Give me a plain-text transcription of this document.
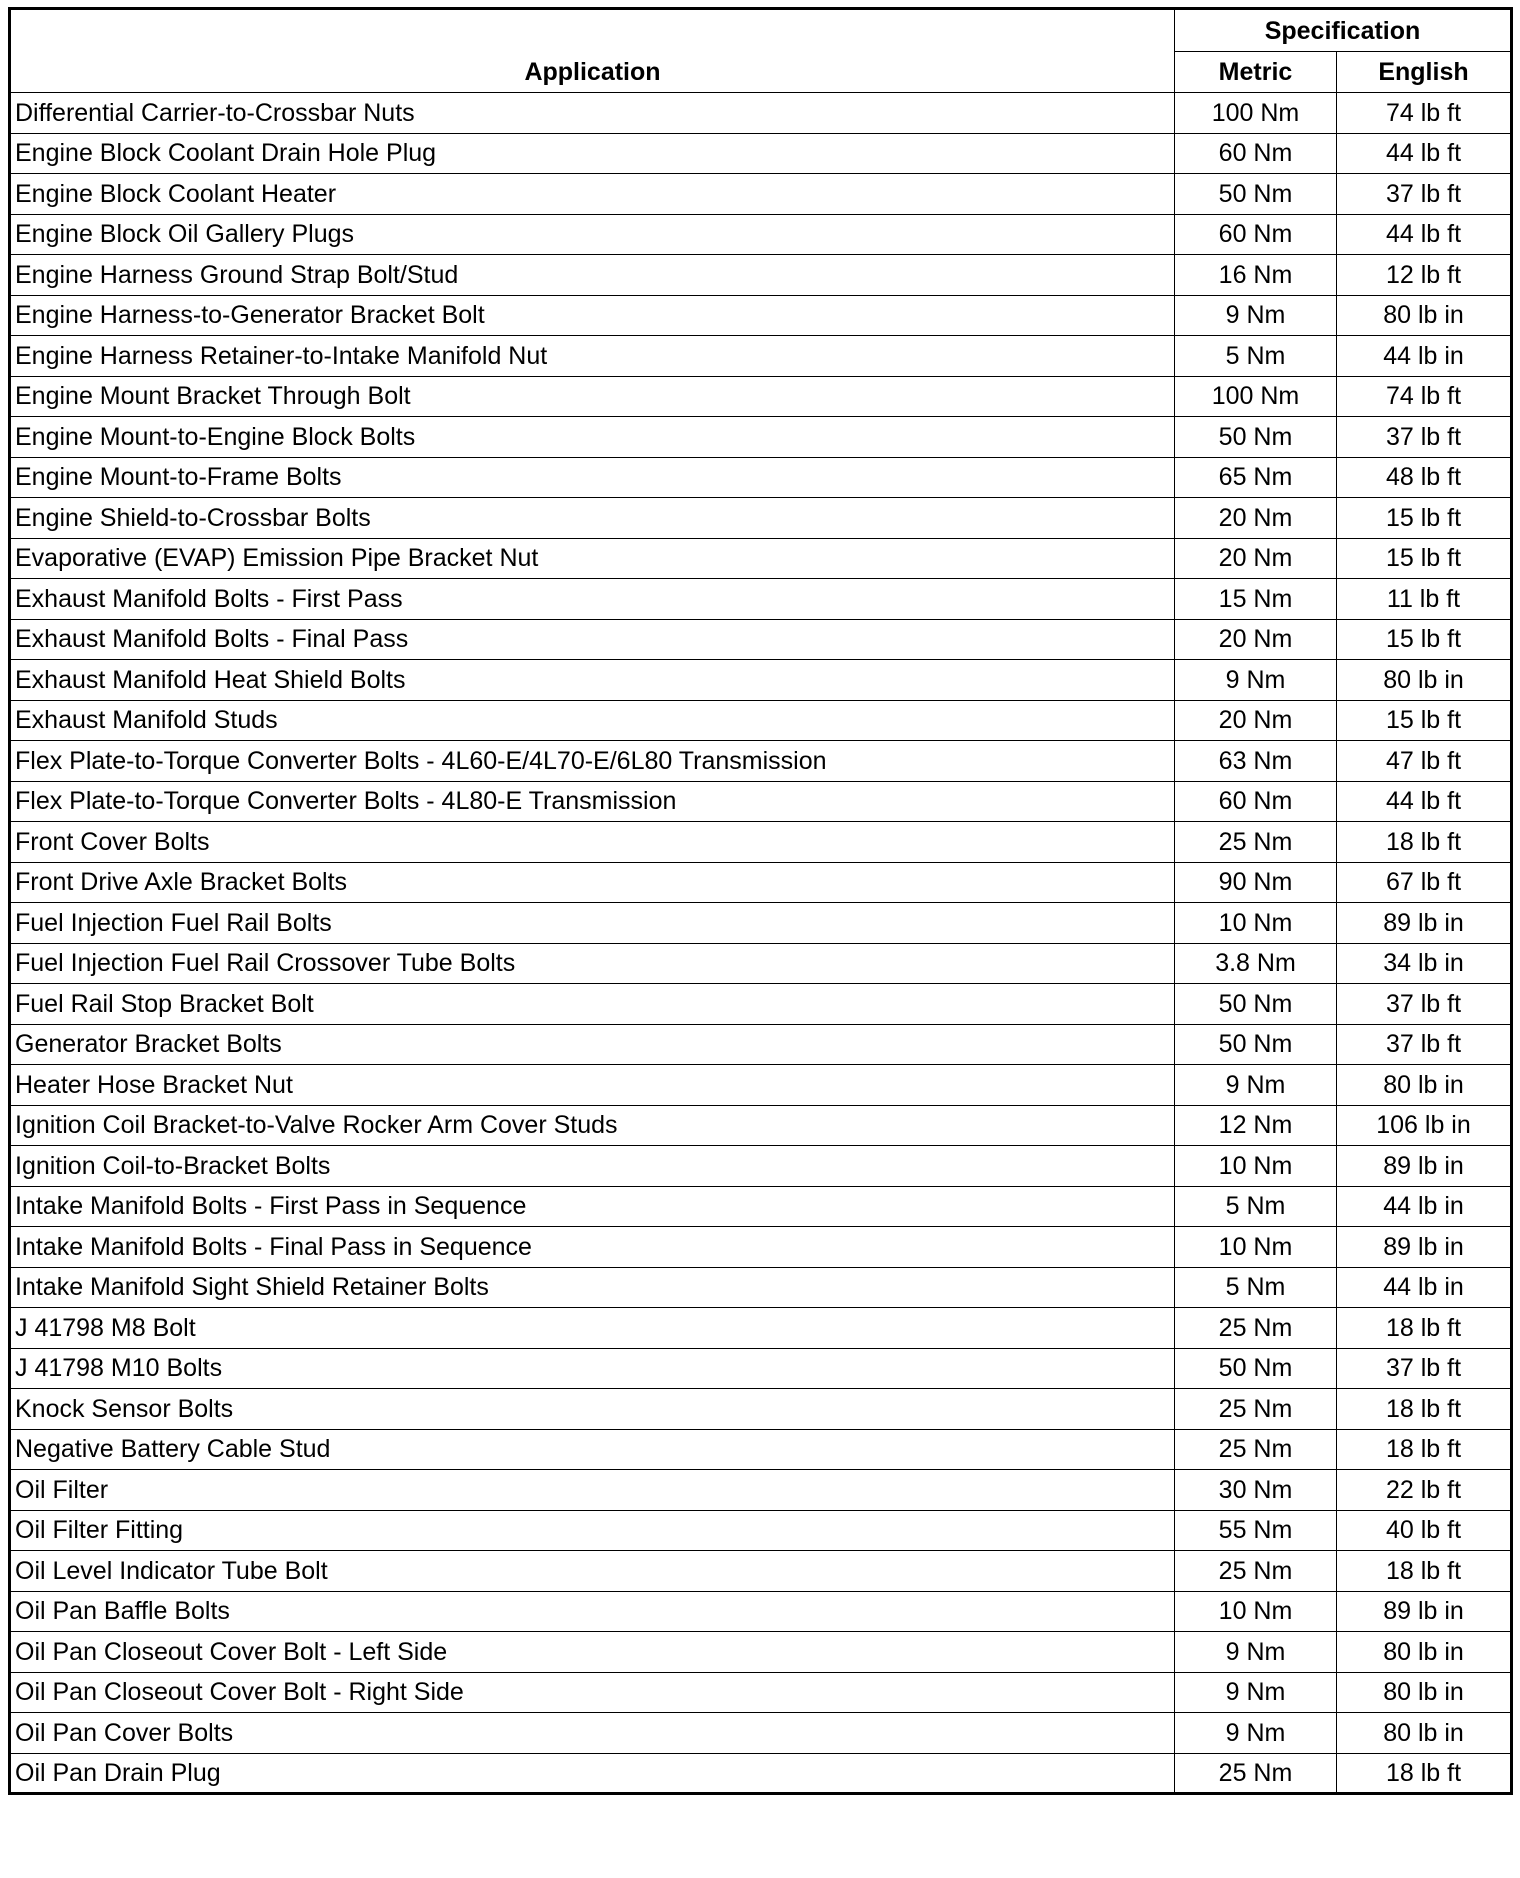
Application	Specification	
	Metric	English
Differential Carrier-to-Crossbar Nuts	100 Nm	74 lb ft
Engine Block Coolant Drain Hole Plug	60 Nm	44 lb ft
Engine Block Coolant Heater	50 Nm	37 lb ft
Engine Block Oil Gallery Plugs	60 Nm	44 lb ft
Engine Harness Ground Strap Bolt/Stud	16 Nm	12 lb ft
Engine Harness-to-Generator Bracket Bolt	9 Nm	80 lb in
Engine Harness Retainer-to-Intake Manifold Nut	5 Nm	44 lb in
Engine Mount Bracket Through Bolt	100 Nm	74 lb ft
Engine Mount-to-Engine Block Bolts	50 Nm	37 lb ft
Engine Mount-to-Frame Bolts	65 Nm	48 lb ft
Engine Shield-to-Crossbar Bolts	20 Nm	15 lb ft
Evaporative (EVAP) Emission Pipe Bracket Nut	20 Nm	15 lb ft
Exhaust Manifold Bolts - First Pass	15 Nm	11 lb ft
Exhaust Manifold Bolts - Final Pass	20 Nm	15 lb ft
Exhaust Manifold Heat Shield Bolts	9 Nm	80 lb in
Exhaust Manifold Studs	20 Nm	15 lb ft
Flex Plate-to-Torque Converter Bolts - 4L60-E/4L70-E/6L80 Transmission	63 Nm	47 lb ft
Flex Plate-to-Torque Converter Bolts - 4L80-E Transmission	60 Nm	44 lb ft
Front Cover Bolts	25 Nm	18 lb ft
Front Drive Axle Bracket Bolts	90 Nm	67 lb ft
Fuel Injection Fuel Rail Bolts	10 Nm	89 lb in
Fuel Injection Fuel Rail Crossover Tube Bolts	3.8 Nm	34 lb in
Fuel Rail Stop Bracket Bolt	50 Nm	37 lb ft
Generator Bracket Bolts	50 Nm	37 lb ft
Heater Hose Bracket Nut	9 Nm	80 lb in
Ignition Coil Bracket-to-Valve Rocker Arm Cover Studs	12 Nm	106 lb in
Ignition Coil-to-Bracket Bolts	10 Nm	89 lb in
Intake Manifold Bolts - First Pass in Sequence	5 Nm	44 lb in
Intake Manifold Bolts - Final Pass in Sequence	10 Nm	89 lb in
Intake Manifold Sight Shield Retainer Bolts	5 Nm	44 lb in
J 41798 M8 Bolt	25 Nm	18 lb ft
J 41798 M10 Bolts	50 Nm	37 lb ft
Knock Sensor Bolts	25 Nm	18 lb ft
Negative Battery Cable Stud	25 Nm	18 lb ft
Oil Filter	30 Nm	22 lb ft
Oil Filter Fitting	55 Nm	40 lb ft
Oil Level Indicator Tube Bolt	25 Nm	18 lb ft
Oil Pan Baffle Bolts	10 Nm	89 lb in
Oil Pan Closeout Cover Bolt - Left Side	9 Nm	80 lb in
Oil Pan Closeout Cover Bolt - Right Side	9 Nm	80 lb in
Oil Pan Cover Bolts	9 Nm	80 lb in
Oil Pan Drain Plug	25 Nm	18 lb ft
